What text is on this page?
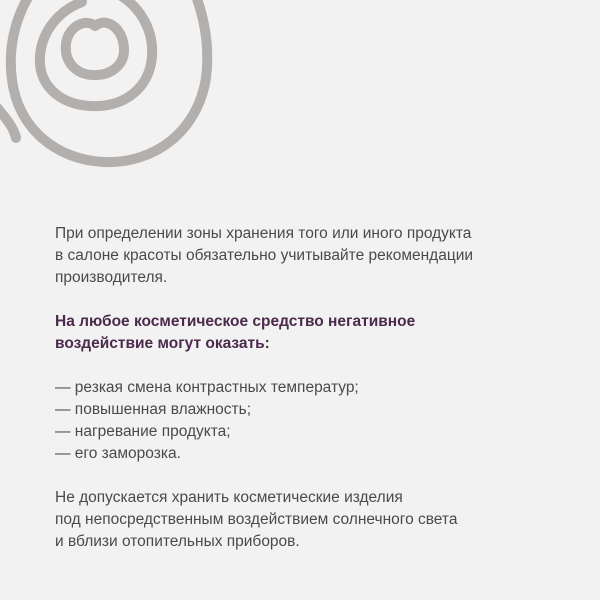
При определении зоны хранения того или иного продукта
в салоне красоты обязательно учитывайте рекомендации
производителя.

На любое косметическое средство негативное
воздействие могут оказать:

— резкая смена контрастных температур;
— повышенная влажность;
— нагревание продукта;
— его заморозка.

Не допускается хранить косметические изделия
под непосредственным воздействием солнечного света
и вблизи отопительных приборов.
